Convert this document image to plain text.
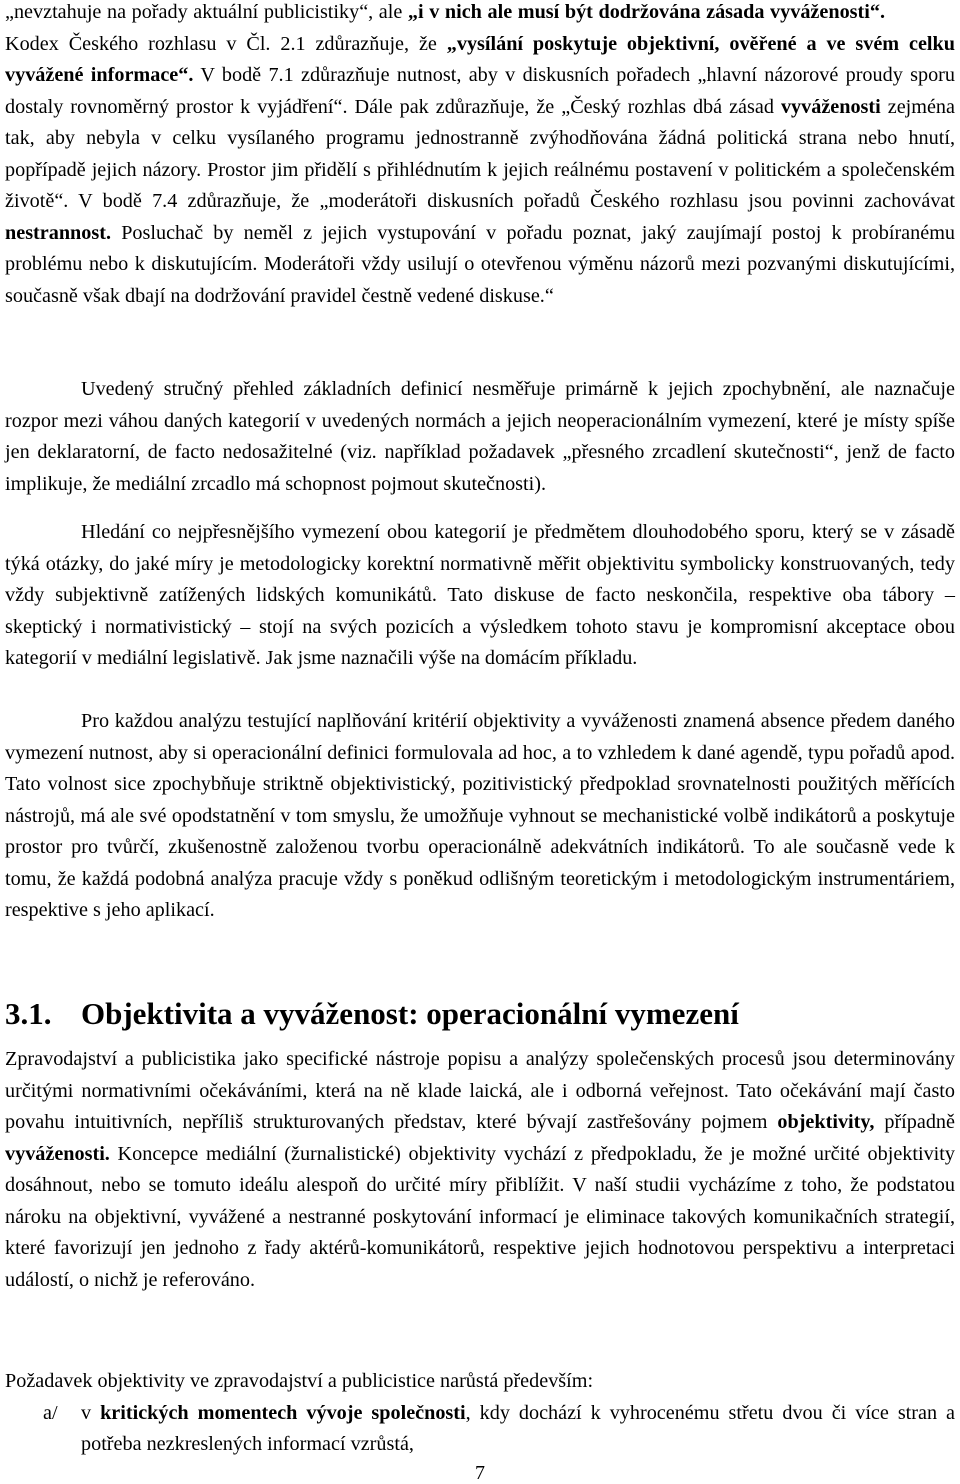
„nevztahuje na pořady aktuální publicistiky“, ale „i v nich ale musí být dodržována zásada vyváženosti“. Kodex Českého rozhlasu v Čl. 2.1 zdůrazňuje, že „vysílání poskytuje objektivní, ověřené a ve svém celku vyvážené informace“. V bodě 7.1 zdůrazňuje nutnost, aby v diskusních pořadech „hlavní názorové proudy sporu dostaly rovnoměrný prostor k vyjádření“. Dále pak zdůrazňuje, že „Český rozhlas dbá zásad vyváženosti zejména tak, aby nebyla v celku vysílaného programu jednostranně zvýhodňována žádná politická strana nebo hnutí, popřípadě jejich názory. Prostor jim přidělí s přihlédnutím k jejich reálnému postavení v politickém a společenském životě“. V bodě 7.4 zdůrazňuje, že „moderátoři diskusních pořadů Českého rozhlasu jsou povinni zachovávat nestrannost. Posluchač by neměl z jejich vystupování v pořadu poznat, jaký zaujímají postoj k probíranému problému nebo k diskutujícím. Moderátoři vždy usilují o otevřenou výměnu názorů mezi pozvanými diskutujícími, současně však dbají na dodržování pravidel čestně vedené diskuse.“

Uvedený stručný přehled základních definicí nesměřuje primárně k jejich zpochybnění, ale naznačuje rozpor mezi váhou daných kategorií v uvedených normách a jejich neoperacionálním vymezení, které je místy spíše jen deklaratorní, de facto nedosažitelné (viz. například požadavek „přesného zrcadlení skutečnosti“, jenž de facto implikuje, že mediální zrcadlo má schopnost pojmout skutečnosti).

Hledání co nejpřesnějšího vymezení obou kategorií je předmětem dlouhodobého sporu, který se v zásadě týká otázky, do jaké míry je metodologicky korektní normativně měřit objektivitu symbolicky konstruovaných, tedy vždy subjektivně zatížených lidských komunikátů. Tato diskuse de facto neskončila, respektive oba tábory – skeptický i normativistický – stojí na svých pozicích a výsledkem tohoto stavu je kompromisní akceptace obou kategorií v mediální legislativě. Jak jsme naznačili výše na domácím příkladu.

Pro každou analýzu testující naplňování kritérií objektivity a vyváženosti znamená absence předem daného vymezení nutnost, aby si operacionální definici formulovala ad hoc, a to vzhledem k dané agendě, typu pořadů apod. Tato volnost sice zpochybňuje striktně objektivistický, pozitivistický předpoklad srovnatelnosti použitých měřících nástrojů, má ale své opodstatnění v tom smyslu, že umožňuje vyhnout se mechanistické volbě indikátorů a poskytuje prostor pro tvůrčí, zkušenostně založenou tvorbu operacionálně adekvátních indikátorů. To ale současně vede k tomu, že každá podobná analýza pracuje vždy s poněkud odlišným teoretickým i metodologickým instrumentáriem, respektive s jeho aplikací.

3.1. Objektivita a vyváženost: operacionální vymezení

Zpravodajství a publicistika jako specifické nástroje popisu a analýzy společenských procesů jsou determinovány určitými normativními očekáváními, která na ně klade laická, ale i odborná veřejnost. Tato očekávání mají často povahu intuitivních, nepříliš strukturovaných představ, které bývají zastřešovány pojmem objektivity, případně vyváženosti. Koncepce mediální (žurnalistické) objektivity vychází z předpokladu, že je možné určité objektivity dosáhnout, nebo se tomuto ideálu alespoň do určité míry přiblížit. V naší studii vycházíme z toho, že podstatou nároku na objektivní, vyvážené a nestranné poskytování informací je eliminace takových komunikačních strategií, které favorizují jen jednoho z řady aktérů-komunikátorů, respektive jejich hodnotovou perspektivu a interpretaci událostí, o nichž je referováno.

Požadavek objektivity ve zpravodajství a publicistice narůstá především:

a/	v kritických momentech vývoje společnosti, kdy dochází k vyhrocenému střetu dvou či více stran a potřeba nezkreslených informací vzrůstá,

7
